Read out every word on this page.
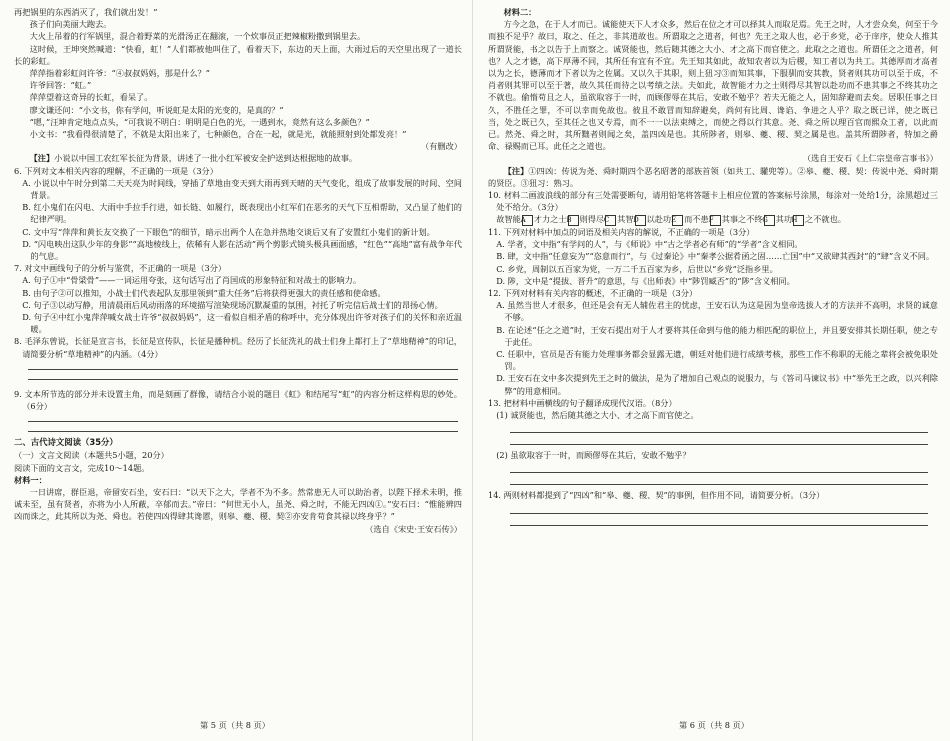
再把锅里的东西消灭了，我们就出发！”

孩子们向美丽大跑去。

大火上吊着的行军锅里，混合着野菜的光滑汤正在翻滚，一个炊事员正把辣椒粉撒到锅里去。

这时候，王坤突然喊道：“快看，虹！”人们都被他叫住了，看着天下，东边的天上面，大雨过后的天空里出现了一道长长的彩虹。

萍萍指着彩虹问许爷：“④叔叔妈妈，那是什么？”

许爷回答：“虹。”

萍萍望着这奇异的长虹，看呆了。

廖文谦还问：“小文书，你有学问，听说虹是太阳的光变的，是真的？”

“嗯，”汪坤肯定地点点头，“可我说不明白：明明是白色的光，一遇到水，竟然有这么多颜色？”

小文书：“我看得很清楚了，不就是太阳出来了，七种颜色，合在一起，就是光，就能照射到处都发亮！”

（有删改）

【注】小说以中国工农红军长征为背景，讲述了一批小红军被安全护送到达根据地的故事。

6. 下列对文本相关内容的理解，不正确的一项是（3分）

A. 小说以中午时分到第二天天亮为时间线，穿插了草地由变天到大雨再到天晴的天气变化，组成了故事发展的时间、空间背景。

B. 红小鬼们在闪电、大雨中手拉手行进，如长链、如履行，既表现出小红军们在恶劣的天气下互相帮助，又凸显了他们的纪律严明。

C. 文中写“萍萍和黄长友交换了一下眼色”的细节，暗示出两个人在急并热地交谈后又有了安置红小鬼们的新计划。

D. “闪电映出这队少年的身影”“高地棱线上，依稀有人影在活动”两个剪影式镜头极具画面感，“红色”“高地”富有战争年代的气息。

7. 对文中画线句子的分析与鉴赏，不正确的一项是（3分）

A. 句子①中“骨梁骨”——一词运用夸张，这句话写出了肖国成的形象特征和对战士的影响力。

B. 由句子②可以推知，小战士们代表起队友那里领到“重大任务”后将获得更强大的责任感和使命感。

C. 句子③以动写静，用清晨雨后风动雨落的环境描写渲染现场沉默凝重的氛围，衬托了听完信后战士们的昂扬心情。

D. 句子④中红小鬼萍萍喊女战士许爷“叔叔妈妈”，这一看似自相矛盾的称呼中，充分体现出许爷对孩子们的关怀和亲近温暖。

8. 毛泽东曾说，长征是宣言书，长征是宣传队，长征是播种机。经历了长征洗礼的战士们身上都打上了“草地精神”的印记，请简要分析“草地精神”的内涵。（4分）

9. 文本所节选的部分并未设置主角，而是刻画了群像，请结合小说的题目《虹》和结尾写“虹”的内容分析这样构思的妙处。（6分）

二、古代诗文阅读（35分）

（一）文言文阅读（本题共5小题，20分）

阅读下面的文言文，完成10～14题。

材料一：

一日讲席，群臣退，帝留安石坐，安石曰：“以天下之大，学者不为不多。然常患无人可以助治者，以陛下择术未明，推诚未至，虽有贤者，亦将为小人所蔽，卒郁而去。”帝曰：“何世无小人，虽尧、舜之时，不能无四凶①。”安石曰：“惟能辨四凶而诛之，此其所以为尧、舜也。若使四凶得肆其谗慝，则皋、夔、稷、契②亦安肯苟食其禄以终身乎？”

（选自《宋史·王安石传》）

第 5 页（共 8 页）

材料二：

方今之急，在于人才而已。诚能使天下人才众多，然后在位之才可以择其人而取足焉。先王之时，人才尝众矣，何至于今而独不足乎？故曰，取之、任之，非其道故也。所谓取之之道者，何也？先王之取人也，必于乡党，必于庠序，使众人推其所谓贤能，书之以告于上而察之。诚贤能也，然后随其德之大小、才之高下而官使之。此取之之道也。所谓任之之道者，何也？人之才德，高下厚薄不同，其所任有宜有不宜。先王知其如此，故知农者以为后稷，知工者以为共工。其德厚而才高者以为之长，德薄而才下者以为之佐属。又以久于其职，则上狃习③而知其事，下服驯而安其教，贤者则其功可以至于成，不肖者则其罪可以至于著，故久其任而待之以考绩之法。夫如此，故智能才力之士则得尽其智以赴功而不患其事之不终其功之不就也。偷惰苟且之人，虽欲取容于一时，而顾僇辱在其后，安敢不勉乎？若夫无能之人，固知辞避而去矣。居职任事之日久，不胜任之罪，不可以幸而免故也。彼且不敢冒而知辞避矣，尚何有比周、谗谄、争进之人乎？取之既已详，使之既已当，处之既已久，至其任之也又专焉，而不一一以法束缚之，而使之得以行其意。尧、舜之所以理百官而熙众工者，以此而已。然尧、舜之时，其所黜者则闻之矣，盖四凶是也。其所陟者，则皋、夔、稷、契之属是也。盖其所谓陟者，特加之爵命、禄赐而已耳。此任之之道也。

（选自王安石《上仁宗皇帝言事书》）

【注】①四凶：传说为尧、舜时期四个恶名昭著的部族首领（如共工、驩兜等）。②皋、夔、稷、契：传说中尧、舜时期的贤臣。③狃习：熟习。

10. 材料二画波浪线的部分有三处需要断句，请用铅笔将答题卡上相应位置的答案标号涂黑，每涂对一处给1分，涂黑超过三处不给分。（3分）

故智能A 才力之士B 则得尽C 其智D 以赴功E 而不患F 其事之不终G 其功H 之不就也。

11. 下列对材料中加点的词语及相关内容的解说，不正确的一项是（3分）

A. 学者，文中指“有学问的人”，与《师说》中“古之学者必有师”的“学者”含义相同。

B. 肆，文中指“任意妄为”“恣意而行”，与《过秦论》中“秦孝公据肴函之固……亡国”中“又欲肆其西封”的“肆”含义不同。

C. 乡党，周制以五百家为党，一万二千五百家为乡，后世以“乡党”泛指乡里。

D. 陟，文中是“提拔、晋升”的意思，与《出师表》中“陟罚臧否”的“陟”含义相同。

12. 下列对材料有关内容的概述，不正确的一项是（3分）

A. 虽然当世人才很多，但还是会有无人辅佐君主的忧虑，王安石认为这是因为皇帝选拔人才的方法并不高明，求贤的诚意不够。

B. 在论述“任之之道”时，王安石提出对于人才要将其任命到与他的能力相匹配的职位上，并且要安排其长期任职，使之专于此任。

C. 任职中，官员是否有能力处理事务都会显露无遗，朝廷对他们进行成绩考核，那些工作不称职的无能之辈将会被免职处罚。

D. 王安石在文中多次提到先王之时的做法，是为了增加自己观点的说服力，与《答司马谏议书》中“举先王之政，以兴利除弊”的用意相同。

13. 把材料中画横线的句子翻译成现代汉语。（8分）

(1) 诚贤能也，然后随其德之大小、才之高下而官使之。

(2) 虽欲取容于一时，而顾僇辱在其后，安敢不勉乎？

14. 两则材料都提到了“四凶”和“皋、夔、稷、契”的事例，但作用不同，请简要分析。（3分）

第 6 页（共 8 页）
